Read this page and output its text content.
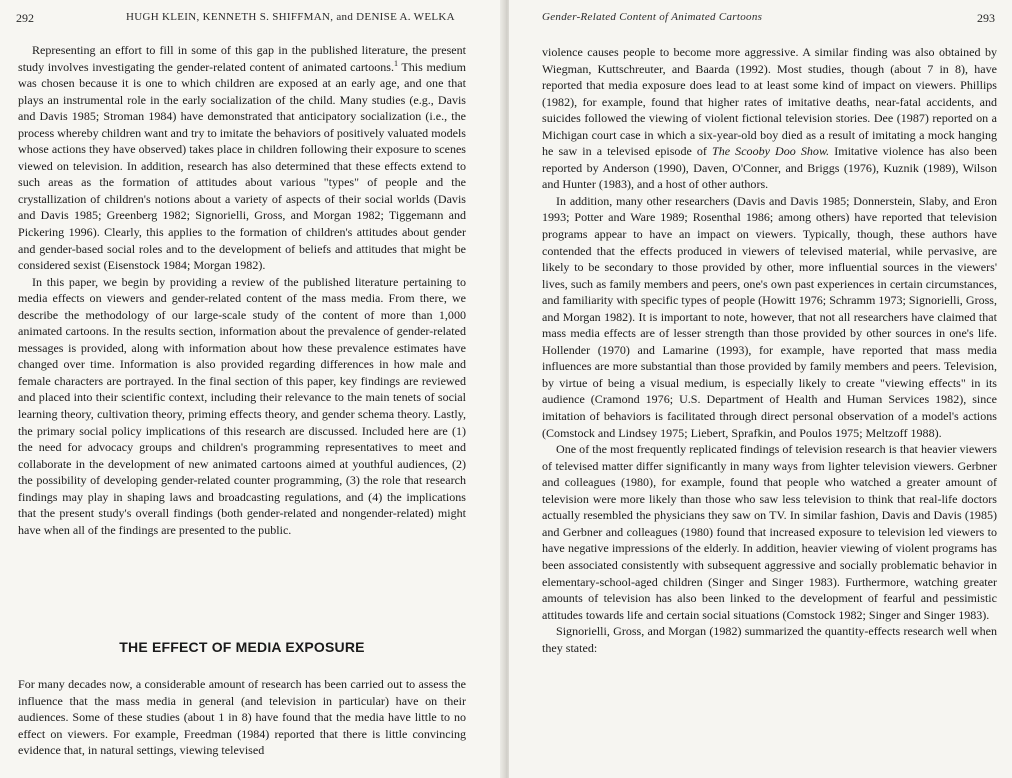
292	HUGH KLEIN, KENNETH S. SHIFFMAN, and DENISE A. WELKA

Representing an effort to fill in some of this gap in the published literature, the present study involves investigating the gender-related content of animated cartoons.$^1$ This medium was chosen because it is one to which children are exposed at an early age, and one that plays an instrumental role in the early socialization of the child. Many studies (e.g., Davis and Davis 1985; Stroman 1984) have demonstrated that anticipatory socialization (i.e., the process whereby children want and try to imitate the behaviors of positively valuated models whose actions they have observed) takes place in children following their exposure to scenes viewed on television. In addition, research has also determined that these effects extend to such areas as the formation of attitudes about various "types" of people and the crystallization of children's notions about a variety of aspects of their social worlds (Davis and Davis 1985; Greenberg 1982; Signorielli, Gross, and Morgan 1982; Tiggemann and Pickering 1996). Clearly, this applies to the formation of children's attitudes about gender and gender-based social roles and to the development of beliefs and attitudes that might be considered sexist (Eisenstock 1984; Morgan 1982).

In this paper, we begin by providing a review of the published literature pertaining to media effects on viewers and gender-related content of the mass media. From there, we describe the methodology of our large-scale study of the content of more than 1,000 animated cartoons. In the results section, information about the prevalence of gender-related messages is provided, along with information about how these prevalence estimates have changed over time. Information is also provided regarding differences in how male and female characters are portrayed. In the final section of this paper, key findings are reviewed and placed into their scientific context, including their relevance to the main tenets of social learning theory, cultivation theory, priming effects theory, and gender schema theory. Lastly, the primary social policy implications of this research are discussed. Included here are (1) the need for advocacy groups and children's programming representatives to meet and collaborate in the development of new animated cartoons aimed at youthful audiences, (2) the possibility of developing gender-related counter programming, (3) the role that research findings may play in shaping laws and broadcasting regulations, and (4) the implications that the present study's overall findings (both gender-related and nongender-related) might have when all of the findings are presented to the public.

THE EFFECT OF MEDIA EXPOSURE

For many decades now, a considerable amount of research has been carried out to assess the influence that the mass media in general (and television in particular) have on their audiences. Some of these studies (about 1 in 8) have found that the media have little to no effect on viewers. For example, Freedman (1984) reported that there is little convincing evidence that, in natural settings, viewing televised

Gender-Related Content of Animated Cartoons	293

violence causes people to become more aggressive. A similar finding was also obtained by Wiegman, Kuttschreuter, and Baarda (1992). Most studies, though (about 7 in 8), have reported that media exposure does lead to at least some kind of impact on viewers. Phillips (1982), for example, found that higher rates of imitative deaths, near-fatal accidents, and suicides followed the viewing of violent fictional television stories. Dee (1987) reported on a Michigan court case in which a six-year-old boy died as a result of imitating a mock hanging he saw in a televised episode of The Scooby Doo Show. Imitative violence has also been reported by Anderson (1990), Daven, O'Conner, and Briggs (1976), Kuznik (1989), Wilson and Hunter (1983), and a host of other authors.

In addition, many other researchers (Davis and Davis 1985; Donnerstein, Slaby, and Eron 1993; Potter and Ware 1989; Rosenthal 1986; among others) have reported that television programs appear to have an impact on viewers. Typically, though, these authors have contended that the effects produced in viewers of televised material, while pervasive, are likely to be secondary to those provided by other, more influential sources in the viewers' lives, such as family members and peers, one's own past experiences in certain circumstances, and familiarity with specific types of people (Howitt 1976; Schramm 1973; Signorielli, Gross, and Morgan 1982). It is important to note, however, that not all researchers have claimed that mass media effects are of lesser strength than those provided by other sources in one's life. Hollender (1970) and Lamarine (1993), for example, have reported that mass media influences are more substantial than those provided by family members and peers. Television, by virtue of being a visual medium, is especially likely to create "viewing effects" in its audience (Cramond 1976; U.S. Department of Health and Human Services 1982), since imitation of behaviors is facilitated through direct personal observation of a model's actions (Comstock and Lindsey 1975; Liebert, Sprafkin, and Poulos 1975; Meltzoff 1988).

One of the most frequently replicated findings of television research is that heavier viewers of televised matter differ significantly in many ways from lighter television viewers. Gerbner and colleagues (1980), for example, found that people who watched a greater amount of television were more likely than those who saw less television to think that real-life doctors actually resembled the physicians they saw on TV. In similar fashion, Davis and Davis (1985) and Gerbner and colleagues (1980) found that increased exposure to television led viewers to have negative impressions of the elderly. In addition, heavier viewing of violent programs has been associated consistently with subsequent aggressive and socially problematic behavior in elementary-school-aged children (Singer and Singer 1983). Furthermore, watching greater amounts of television has also been linked to the development of fearful and pessimistic attitudes towards life and certain social situations (Comstock 1982; Singer and Singer 1983).

Signorielli, Gross, and Morgan (1982) summarized the quantity-effects research well when they stated:
